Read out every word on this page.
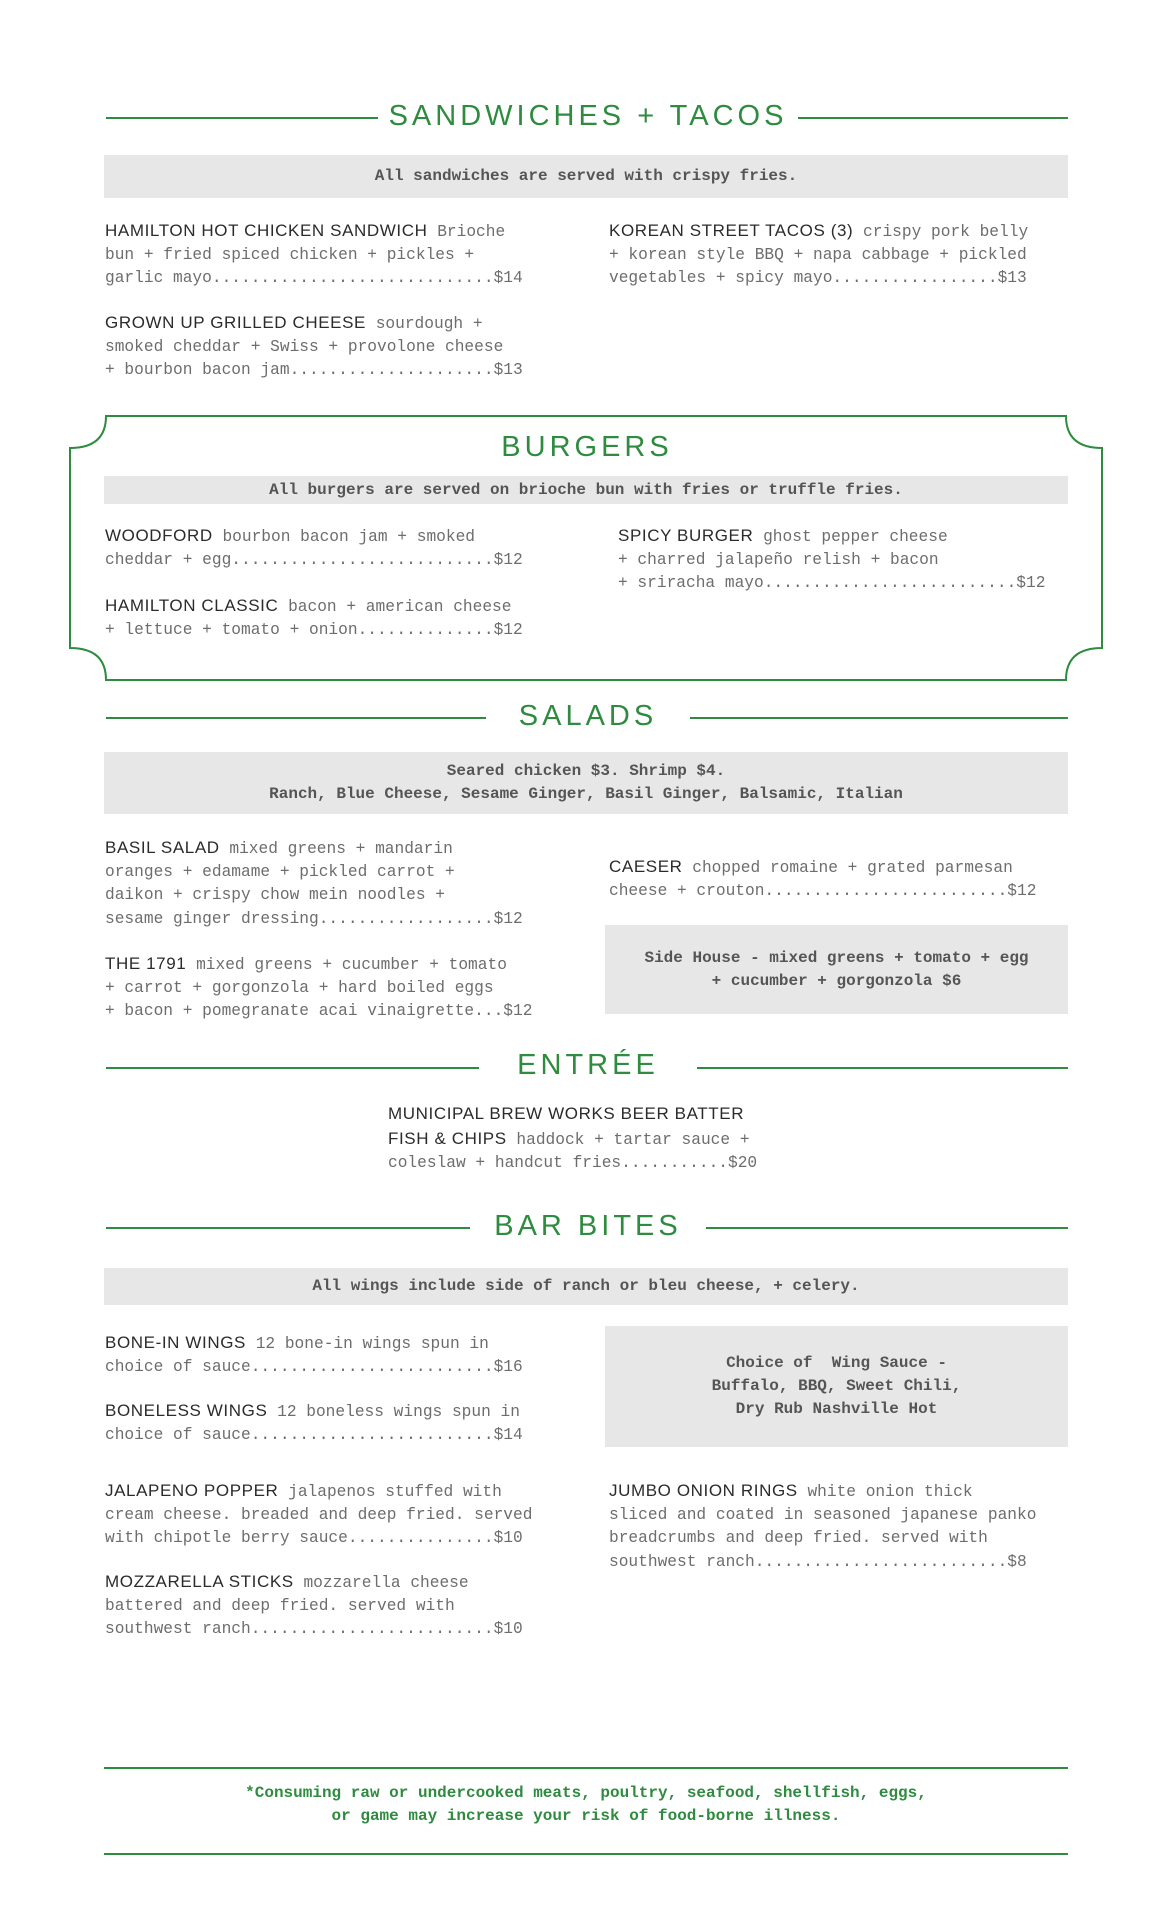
SANDWICHES + TACOS
All sandwiches are served with crispy fries.
HAMILTON HOT CHICKEN SANDWICH Brioche
bun + fried spiced chicken + pickles +
garlic mayo.............................$14
KOREAN STREET TACOS (3) crispy pork belly
+ korean style BBQ + napa cabbage + pickled
vegetables + spicy mayo.................$13
GROWN UP GRILLED CHEESE sourdough +
smoked cheddar + Swiss + provolone cheese
+ bourbon bacon jam.....................$13
BURGERS
All burgers are served on brioche bun with fries or truffle fries.
WOODFORD bourbon bacon jam + smoked
cheddar + egg...........................$12
SPICY BURGER ghost pepper cheese
+ charred jalapeño relish + bacon
+ sriracha mayo..........................$12
HAMILTON CLASSIC bacon + american cheese
+ lettuce + tomato + onion..............$12
SALADS
Seared chicken $3. Shrimp $4.
Ranch, Blue Cheese, Sesame Ginger, Basil Ginger, Balsamic, Italian
BASIL SALAD mixed greens + mandarin
oranges + edamame + pickled carrot +
daikon + crispy chow mein noodles +
sesame ginger dressing..................$12
CAESER chopped romaine + grated parmesan
cheese + crouton.........................$12
THE 1791 mixed greens + cucumber + tomato
+ carrot + gorgonzola + hard boiled eggs
+ bacon + pomegranate acai vinaigrette...$12
Side House - mixed greens + tomato + egg
+ cucumber + gorgonzola $6
ENTRÉE
MUNICIPAL BREW WORKS BEER BATTER
FISH & CHIPS haddock + tartar sauce +
coleslaw + handcut fries...........$20
BAR BITES
All wings include side of ranch or bleu cheese, + celery.
BONE-IN WINGS 12 bone-in wings spun in
choice of sauce.........................$16
BONELESS WINGS 12 boneless wings spun in
choice of sauce.........................$14
Choice of  Wing Sauce -
Buffalo, BBQ, Sweet Chili,
Dry Rub Nashville Hot
JALAPENO POPPER jalapenos stuffed with
cream cheese. breaded and deep fried. served
with chipotle berry sauce...............$10
JUMBO ONION RINGS white onion thick
sliced and coated in seasoned japanese panko
breadcrumbs and deep fried. served with
southwest ranch..........................$8
MOZZARELLA STICKS mozzarella cheese
battered and deep fried. served with
southwest ranch.........................$10
*Consuming raw or undercooked meats, poultry, seafood, shellfish, eggs,
or game may increase your risk of food-borne illness.
